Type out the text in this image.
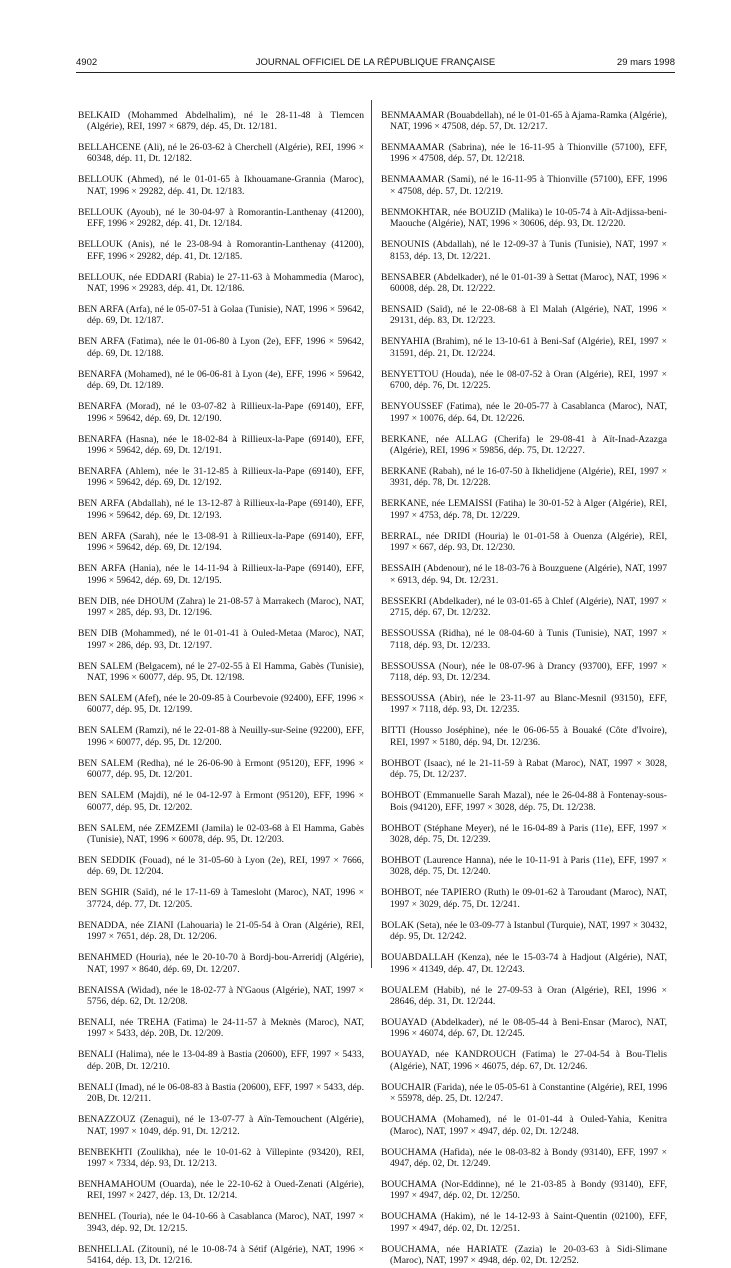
4902	JOURNAL OFFICIEL DE LA RÉPUBLIQUE FRANÇAISE	29 mars 1998

BELKAID (Mohammed Abdelhalim), né le 28-11-48 à Tlemcen (Algérie), REI, 1997 × 6879, dép. 45, Dt. 12/181.

BELLAHCENE (Ali), né le 26-03-62 à Cherchell (Algérie), REI, 1996 × 60348, dép. 11, Dt. 12/182.

BELLOUK (Ahmed), né le 01-01-65 à Ikhouamane-Grannia (Maroc), NAT, 1996 × 29282, dép. 41, Dt. 12/183.

BELLOUK (Ayoub), né le 30-04-97 à Romorantin-Lanthenay (41200), EFF, 1996 × 29282, dép. 41, Dt. 12/184.

BELLOUK (Anis), né le 23-08-94 à Romorantin-Lanthenay (41200), EFF, 1996 × 29282, dép. 41, Dt. 12/185.

BELLOUK, née EDDARI (Rabia) le 27-11-63 à Mohammedia (Maroc), NAT, 1996 × 29283, dép. 41, Dt. 12/186.

BEN ARFA (Arfa), né le 05-07-51 à Golaa (Tunisie), NAT, 1996 × 59642, dép. 69, Dt. 12/187.

BEN ARFA (Fatima), née le 01-06-80 à Lyon (2e), EFF, 1996 × 59642, dép. 69, Dt. 12/188.

BENARFA (Mohamed), né le 06-06-81 à Lyon (4e), EFF, 1996 × 59642, dép. 69, Dt. 12/189.

BENARFA (Morad), né le 03-07-82 à Rillieux-la-Pape (69140), EFF, 1996 × 59642, dép. 69, Dt. 12/190.

BENARFA (Hasna), née le 18-02-84 à Rillieux-la-Pape (69140), EFF, 1996 × 59642, dép. 69, Dt. 12/191.

BENARFA (Ahlem), née le 31-12-85 à Rillieux-la-Pape (69140), EFF, 1996 × 59642, dép. 69, Dt. 12/192.

BEN ARFA (Abdallah), né le 13-12-87 à Rillieux-la-Pape (69140), EFF, 1996 × 59642, dép. 69, Dt. 12/193.

BEN ARFA (Sarah), née le 13-08-91 à Rillieux-la-Pape (69140), EFF, 1996 × 59642, dép. 69, Dt. 12/194.

BEN ARFA (Hania), née le 14-11-94 à Rillieux-la-Pape (69140), EFF, 1996 × 59642, dép. 69, Dt. 12/195.

BEN DIB, née DHOUM (Zahra) le 21-08-57 à Marrakech (Maroc), NAT, 1997 × 285, dép. 93, Dt. 12/196.

BEN DIB (Mohammed), né le 01-01-41 à Ouled-Metaa (Maroc), NAT, 1997 × 286, dép. 93, Dt. 12/197.

BEN SALEM (Belgacem), né le 27-02-55 à El Hamma, Gabès (Tunisie), NAT, 1996 × 60077, dép. 95, Dt. 12/198.

BEN SALEM (Afef), née le 20-09-85 à Courbevoie (92400), EFF, 1996 × 60077, dép. 95, Dt. 12/199.

BEN SALEM (Ramzi), né le 22-01-88 à Neuilly-sur-Seine (92200), EFF, 1996 × 60077, dép. 95, Dt. 12/200.

BEN SALEM (Redha), né le 26-06-90 à Ermont (95120), EFF, 1996 × 60077, dép. 95, Dt. 12/201.

BEN SALEM (Majdi), né le 04-12-97 à Ermont (95120), EFF, 1996 × 60077, dép. 95, Dt. 12/202.

BEN SALEM, née ZEMZEMI (Jamila) le 02-03-68 à El Hamma, Gabès (Tunisie), NAT, 1996 × 60078, dép. 95, Dt. 12/203.

BEN SEDDIK (Fouad), né le 31-05-60 à Lyon (2e), REI, 1997 × 7666, dép. 69, Dt. 12/204.

BEN SGHIR (Saïd), né le 17-11-69 à Tamesloht (Maroc), NAT, 1996 × 37724, dép. 77, Dt. 12/205.

BENADDA, née ZIANI (Lahouaria) le 21-05-54 à Oran (Algérie), REI, 1997 × 7651, dép. 28, Dt. 12/206.

BENAHMED (Houria), née le 20-10-70 à Bordj-bou-Arreridj (Algérie), NAT, 1997 × 8640, dép. 69, Dt. 12/207.

BENAISSA (Widad), née le 18-02-77 à N'Gaous (Algérie), NAT, 1997 × 5756, dép. 62, Dt. 12/208.

BENALI, née TREHA (Fatima) le 24-11-57 à Meknès (Maroc), NAT, 1997 × 5433, dép. 20B, Dt. 12/209.

BENALI (Halima), née le 13-04-89 à Bastia (20600), EFF, 1997 × 5433, dép. 20B, Dt. 12/210.

BENALI (Imad), né le 06-08-83 à Bastia (20600), EFF, 1997 × 5433, dép. 20B, Dt. 12/211.

BENAZZOUZ (Zenagui), né le 13-07-77 à Aïn-Temouchent (Algérie), NAT, 1997 × 1049, dép. 91, Dt. 12/212.

BENBEKHTI (Zoulikha), née le 10-01-62 à Villepinte (93420), REI, 1997 × 7334, dép. 93, Dt. 12/213.

BENHAMAHOUM (Ouarda), née le 22-10-62 à Oued-Zenati (Algérie), REI, 1997 × 2427, dép. 13, Dt. 12/214.

BENHEL (Touria), née le 04-10-66 à Casablanca (Maroc), NAT, 1997 × 3943, dép. 92, Dt. 12/215.

BENHELLAL (Zitouni), né le 10-08-74 à Sétif (Algérie), NAT, 1996 × 54164, dép. 13, Dt. 12/216.

BENMAAMAR (Bouabdellah), né le 01-01-65 à Ajama-Ramka (Algérie), NAT, 1996 × 47508, dép. 57, Dt. 12/217.

BENMAAMAR (Sabrina), née le 16-11-95 à Thionville (57100), EFF, 1996 × 47508, dép. 57, Dt. 12/218.

BENMAAMAR (Sami), né le 16-11-95 à Thionville (57100), EFF, 1996 × 47508, dép. 57, Dt. 12/219.

BENMOKHTAR, née BOUZID (Malika) le 10-05-74 à Aït-Adjissa-beni-Maouche (Algérie), NAT, 1996 × 30606, dép. 93, Dt. 12/220.

BENOUNIS (Abdallah), né le 12-09-37 à Tunis (Tunisie), NAT, 1997 × 8153, dép. 13, Dt. 12/221.

BENSABER (Abdelkader), né le 01-01-39 à Settat (Maroc), NAT, 1996 × 60008, dép. 28, Dt. 12/222.

BENSAID (Saïd), né le 22-08-68 à El Malah (Algérie), NAT, 1996 × 29131, dép. 83, Dt. 12/223.

BENYAHIA (Brahim), né le 13-10-61 à Beni-Saf (Algérie), REI, 1997 × 31591, dép. 21, Dt. 12/224.

BENYETTOU (Houda), née le 08-07-52 à Oran (Algérie), REI, 1997 × 6700, dép. 76, Dt. 12/225.

BENYOUSSEF (Fatima), née le 20-05-77 à Casablanca (Maroc), NAT, 1997 × 10076, dép. 64, Dt. 12/226.

BERKANE, née ALLAG (Cherifa) le 29-08-41 à Aït-Inad-Azazga (Algérie), REI, 1996 × 59856, dép. 75, Dt. 12/227.

BERKANE (Rabah), né le 16-07-50 à Ikhelidjene (Algérie), REI, 1997 × 3931, dép. 78, Dt. 12/228.

BERKANE, née LEMAISSI (Fatiha) le 30-01-52 à Alger (Algérie), REI, 1997 × 4753, dép. 78, Dt. 12/229.

BERRAL, née DRIDI (Houria) le 01-01-58 à Ouenza (Algérie), REI, 1997 × 667, dép. 93, Dt. 12/230.

BESSAIH (Abdenour), né le 18-03-76 à Bouzguene (Algérie), NAT, 1997 × 6913, dép. 94, Dt. 12/231.

BESSEKRI (Abdelkader), né le 03-01-65 à Chlef (Algérie), NAT, 1997 × 2715, dép. 67, Dt. 12/232.

BESSOUSSA (Ridha), né le 08-04-60 à Tunis (Tunisie), NAT, 1997 × 7118, dép. 93, Dt. 12/233.

BESSOUSSA (Nour), née le 08-07-96 à Drancy (93700), EFF, 1997 × 7118, dép. 93, Dt. 12/234.

BESSOUSSA (Abir), née le 23-11-97 au Blanc-Mesnil (93150), EFF, 1997 × 7118, dép. 93, Dt. 12/235.

BITTI (Housso Joséphine), née le 06-06-55 à Bouaké (Côte d'Ivoire), REI, 1997 × 5180, dép. 94, Dt. 12/236.

BOHBOT (Isaac), né le 21-11-59 à Rabat (Maroc), NAT, 1997 × 3028, dép. 75, Dt. 12/237.

BOHBOT (Emmanuelle Sarah Mazal), née le 26-04-88 à Fontenay-sous-Bois (94120), EFF, 1997 × 3028, dép. 75, Dt. 12/238.

BOHBOT (Stéphane Meyer), né le 16-04-89 à Paris (11e), EFF, 1997 × 3028, dép. 75, Dt. 12/239.

BOHBOT (Laurence Hanna), née le 10-11-91 à Paris (11e), EFF, 1997 × 3028, dép. 75, Dt. 12/240.

BOHBOT, née TAPIERO (Ruth) le 09-01-62 à Taroudant (Maroc), NAT, 1997 × 3029, dép. 75, Dt. 12/241.

BOLAK (Seta), née le 03-09-77 à Istanbul (Turquie), NAT, 1997 × 30432, dép. 95, Dt. 12/242.

BOUABDALLAH (Kenza), née le 15-03-74 à Hadjout (Algérie), NAT, 1996 × 41349, dép. 47, Dt. 12/243.

BOUALEM (Habib), né le 27-09-53 à Oran (Algérie), REI, 1996 × 28646, dép. 31, Dt. 12/244.

BOUAYAD (Abdelkader), né le 08-05-44 à Beni-Ensar (Maroc), NAT, 1996 × 46074, dép. 67, Dt. 12/245.

BOUAYAD, née KANDROUCH (Fatima) le 27-04-54 à Bou-Tlelis (Algérie), NAT, 1996 × 46075, dép. 67, Dt. 12/246.

BOUCHAIR (Farida), née le 05-05-61 à Constantine (Algérie), REI, 1996 × 55978, dép. 25, Dt. 12/247.

BOUCHAMA (Mohamed), né le 01-01-44 à Ouled-Yahia, Kenitra (Maroc), NAT, 1997 × 4947, dép. 02, Dt. 12/248.

BOUCHAMA (Hafida), née le 08-03-82 à Bondy (93140), EFF, 1997 × 4947, dép. 02, Dt. 12/249.

BOUCHAMA (Nor-Eddinne), né le 21-03-85 à Bondy (93140), EFF, 1997 × 4947, dép. 02, Dt. 12/250.

BOUCHAMA (Hakim), né le 14-12-93 à Saint-Quentin (02100), EFF, 1997 × 4947, dép. 02, Dt. 12/251.

BOUCHAMA, née HARIATE (Zazia) le 20-03-63 à Sidi-Slimane (Maroc), NAT, 1997 × 4948, dép. 02, Dt. 12/252.
